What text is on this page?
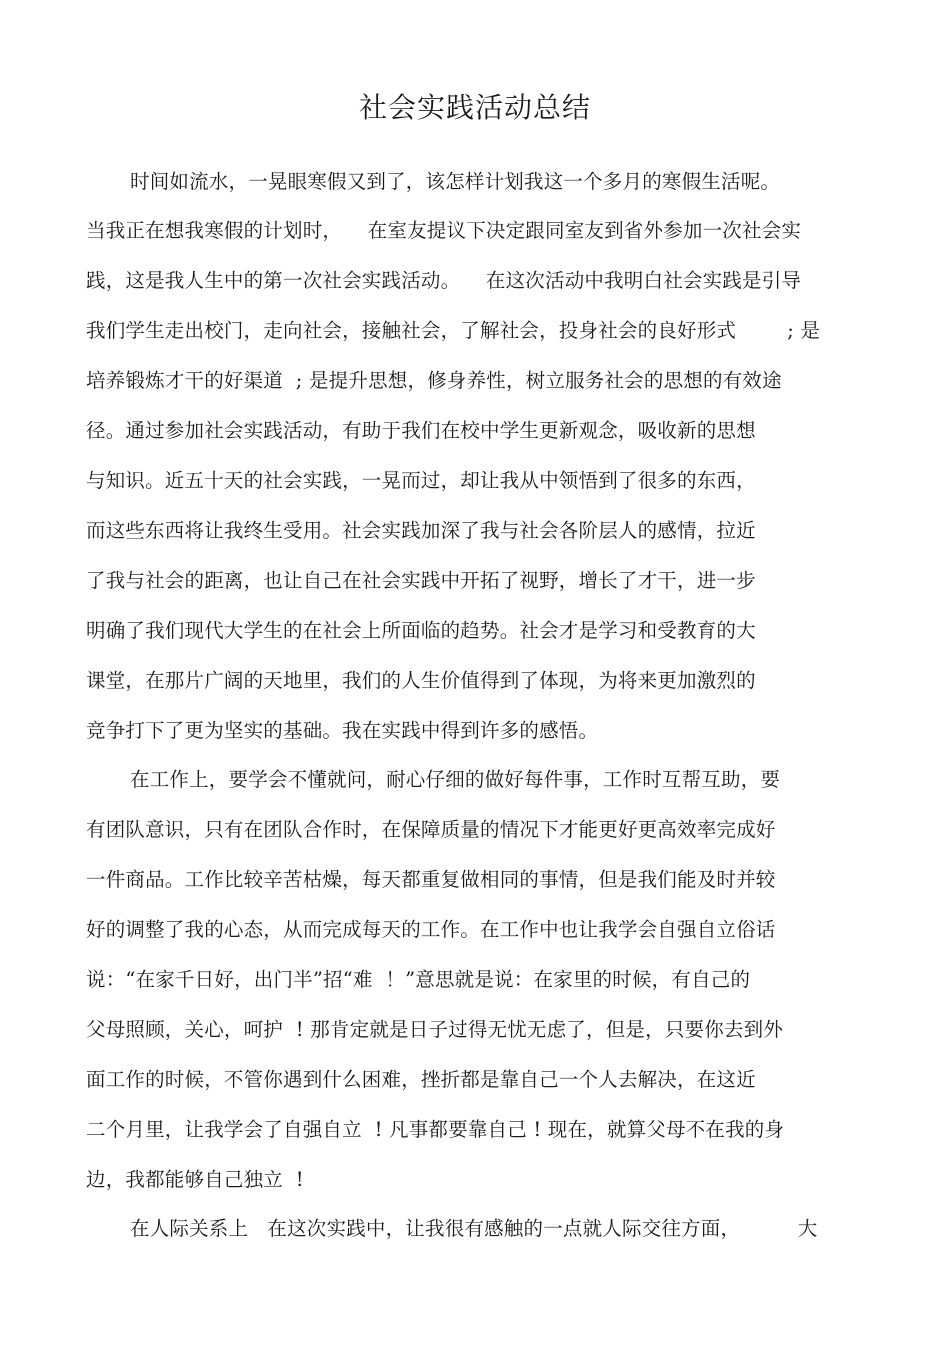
社会实践活动总结
时间如流水，一晃眼寒假又到了，该怎样计划我这一个多月的寒假生活呢。
当我正在想我寒假的计划时，    在室友提议下决定跟同室友到省外参加一次社会实
践，这是我人生中的第一次社会实践活动。    在这次活动中我明白社会实践是引导
我们学生走出校门，走向社会，接触社会，了解社会，投身社会的良好形式        ; 是
培养锻炼才干的好渠道  ; 是提升思想，修身养性，树立服务社会的思想的有效途
径。通过参加社会实践活动，有助于我们在校中学生更新观念，吸收新的思想
与知识。近五十天的社会实践，一晃而过，却让我从中领悟到了很多的东西，
而这些东西将让我终生受用。社会实践加深了我与社会各阶层人的感情，拉近
了我与社会的距离，也让自己在社会实践中开拓了视野，增长了才干，进一步
明确了我们现代大学生的在社会上所面临的趋势。社会才是学习和受教育的大
课堂，在那片广阔的天地里，我们的人生价值得到了体现，为将来更加激烈的
竞争打下了更为坚实的基础。我在实践中得到许多的感悟。
在工作上，要学会不懂就问，耐心仔细的做好每件事，工作时互帮互助，要
有团队意识，只有在团队合作时，在保障质量的情况下才能更好更高效率完成好
一件商品。工作比较辛苦枯燥，每天都重复做相同的事情，但是我们能及时并较
好的调整了我的心态，从而完成每天的工作。在工作中也让我学会自强自立俗话
说：“在家千日好，出门半”招“难  ！”意思就是说：在家里的时候，有自己的
父母照顾，关心，呵护  ! 那肯定就是日子过得无忧无虑了，但是，只要你去到外
面工作的时候，不管你遇到什么困难，挫折都是靠自己一个人去解决，在这近
二个月里，让我学会了自强自立  ! 凡事都要靠自己 ! 现在，就算父母不在我的身
边，我都能够自己独立  !
在人际关系上   在这次实践中，让我很有感触的一点就人际交往方面，         大
